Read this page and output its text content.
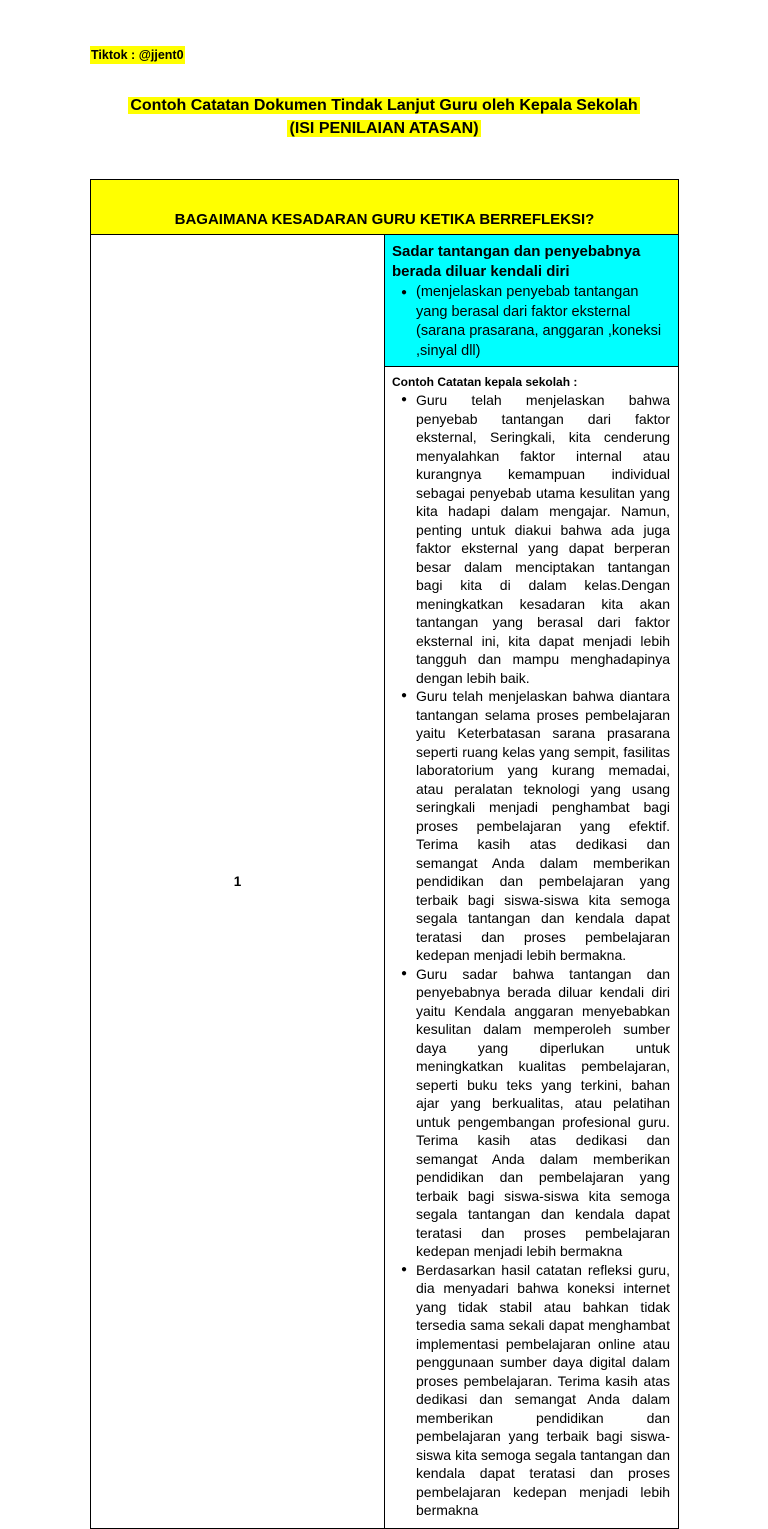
Tiktok : @jjent0
Contoh Catatan Dokumen Tindak Lanjut Guru oleh Kepala Sekolah
(ISI PENILAIAN ATASAN)
BAGAIMANA KESADARAN GURU KETIKA BERREFLEKSI?
1	
Sadar tantangan dan penyebabnya berada diluar kendali diri
● (menjelaskan penyebab tantangan yang berasal dari faktor eksternal (sarana prasarana, anggaran ,koneksi ,sinyal dll)

Contoh Catatan kepala sekolah :
● Guru telah menjelaskan bahwa penyebab tantangan dari faktor eksternal, Seringkali, kita cenderung menyalahkan faktor internal atau kurangnya kemampuan individual sebagai penyebab utama kesulitan yang kita hadapi dalam mengajar. Namun, penting untuk diakui bahwa ada juga faktor eksternal yang dapat berperan besar dalam menciptakan tantangan bagi kita di dalam kelas.Dengan meningkatkan kesadaran kita akan tantangan yang berasal dari faktor eksternal ini, kita dapat menjadi lebih tangguh dan mampu menghadapinya dengan lebih baik.
● Guru telah menjelaskan bahwa diantara tantangan selama proses pembelajaran yaitu Keterbatasan sarana prasarana seperti ruang kelas yang sempit, fasilitas laboratorium yang kurang memadai, atau peralatan teknologi yang usang seringkali menjadi penghambat bagi proses pembelajaran yang efektif. Terima kasih atas dedikasi dan semangat Anda dalam memberikan pendidikan dan pembelajaran yang terbaik bagi siswa-siswa kita semoga segala tantangan dan kendala dapat teratasi dan proses pembelajaran kedepan menjadi lebih bermakna.
● Guru sadar bahwa tantangan dan penyebabnya berada diluar kendali diri yaitu Kendala anggaran menyebabkan kesulitan dalam memperoleh sumber daya yang diperlukan untuk meningkatkan kualitas pembelajaran, seperti buku teks yang terkini, bahan ajar yang berkualitas, atau pelatihan untuk pengembangan profesional guru. Terima kasih atas dedikasi dan semangat Anda dalam memberikan pendidikan dan pembelajaran yang terbaik bagi siswa-siswa kita semoga segala tantangan dan kendala dapat teratasi dan proses pembelajaran kedepan menjadi lebih bermakna
● Berdasarkan hasil catatan refleksi guru, dia menyadari bahwa koneksi internet yang tidak stabil atau bahkan tidak tersedia sama sekali dapat menghambat implementasi pembelajaran online atau penggunaan sumber daya digital dalam proses pembelajaran. Terima kasih atas dedikasi dan semangat Anda dalam memberikan pendidikan dan pembelajaran yang terbaik bagi siswa-siswa kita semoga segala tantangan dan kendala dapat teratasi dan proses pembelajaran kedepan menjadi lebih bermakna
